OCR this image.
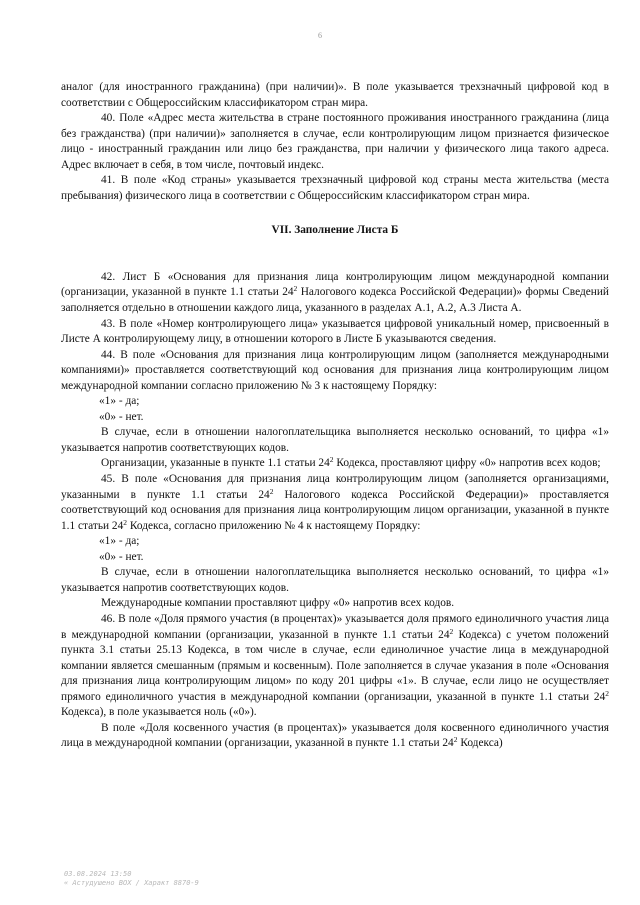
6

аналог (для иностранного гражданина) (при наличии)». В поле указывается трехзначный цифровой код в соответствии с Общероссийским классификатором стран мира.

40. Поле «Адрес места жительства в стране постоянного проживания иностранного гражданина (лица без гражданства) (при наличии)» заполняется в случае, если контролирующим лицом признается физическое лицо - иностранный гражданин или лицо без гражданства, при наличии у физического лица такого адреса. Адрес включает в себя, в том числе, почтовый индекс.

41. В поле «Код страны» указывается трехзначный цифровой код страны места жительства (места пребывания) физического лица в соответствии с Общероссийским классификатором стран мира.

VII. Заполнение Листа Б

42. Лист Б «Основания для признания лица контролирующим лицом международной компании (организации, указанной в пункте 1.1 статьи $24^2$ Налогового кодекса Российской Федерации)» формы Сведений заполняется отдельно в отношении каждого лица, указанного в разделах А.1, А.2, А.3 Листа А.

43. В поле «Номер контролирующего лица» указывается цифровой уникальный номер, присвоенный в Листе А контролирующему лицу, в отношении которого в Листе Б указываются сведения.

44. В поле «Основания для признания лица контролирующим лицом (заполняется международными компаниями)» проставляется соответствующий код основания для признания лица контролирующим лицом международной компании согласно приложению № 3 к настоящему Порядку:

«1» - да;

«0» - нет.

В случае, если в отношении налогоплательщика выполняется несколько оснований, то цифра «1» указывается напротив соответствующих кодов.

Организации, указанные в пункте 1.1 статьи $24^2$ Кодекса, проставляют цифру «0» напротив всех кодов;

45. В поле «Основания для признания лица контролирующим лицом (заполняется организациями, указанными в пункте 1.1 статьи $24^2$ Налогового кодекса Российской Федерации)» проставляется соответствующий код основания для признания лица контролирующим лицом организации, указанной в пункте 1.1 статьи $24^2$ Кодекса, согласно приложению № 4 к настоящему Порядку:

«1» - да;

«0» - нет.

В случае, если в отношении налогоплательщика выполняется несколько оснований, то цифра «1» указывается напротив соответствующих кодов.

Международные компании проставляют цифру «0» напротив всех кодов.

46. В поле «Доля прямого участия (в процентах)» указывается доля прямого единоличного участия лица в международной компании (организации, указанной в пункте 1.1 статьи $24^2$ Кодекса) с учетом положений пункта 3.1 статьи 25.13 Кодекса, в том числе в случае, если единоличное участие лица в международной компании является смешанным (прямым и косвенным). Поле заполняется в случае указания в поле «Основания для признания лица контролирующим лицом» по коду 201 цифры «1». В случае, если лицо не осуществляет прямого единоличного участия в международной компании (организации, указанной в пункте 1.1 статьи $24^2$ Кодекса), в поле указывается ноль («0»).

В поле «Доля косвенного участия (в процентах)» указывается доля косвенного единоличного участия лица в международной компании (организации, указанной в пункте 1.1 статьи $24^2$ Кодекса)

03.08.2024 13:50
« Астудушено ВОХ / Характ 8870-9
